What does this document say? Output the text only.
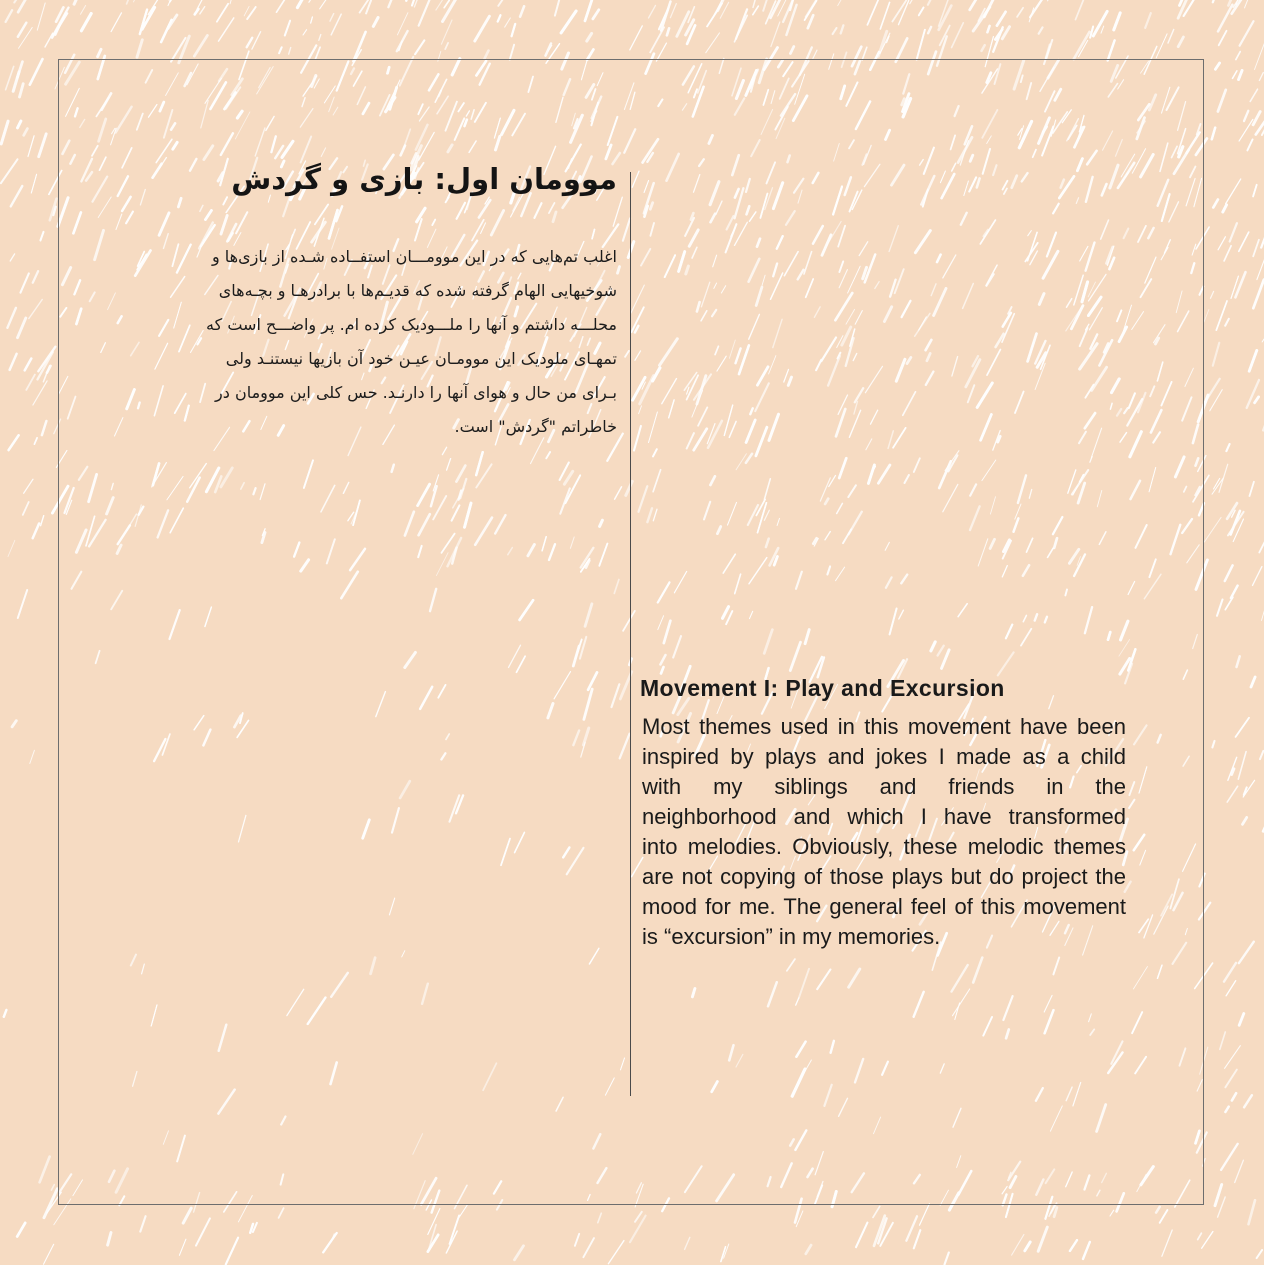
موومان اول: بازی و گردش
اغلب تم‌هایی که در این موومـــان استفــاده شـده از بازی‌ها و
شوخیهایی الهام گرفته شده که قدیـم‌ها با برادرهـا و بچـه‌های
محلـــه داشتم و آنها را ملـــودیک کرده ام. پر واضـــح است که
تمهـای ملودیک این موومـان عیـن خود آن بازیها نیستنـد ولی
بـرای من حال و هوای آنها را دارنـد. حس کلی این موومان در
خاطراتم "گردش" است.
Movement I: Play and Excursion
Most themes used in this movement have been
inspired by plays and jokes I made as a child
with my siblings and friends in the
neighborhood and which I have transformed
into melodies. Obviously, these melodic themes
are not copying of those plays but do project the
mood for me. The general feel of this movement
is “excursion” in my memories.
